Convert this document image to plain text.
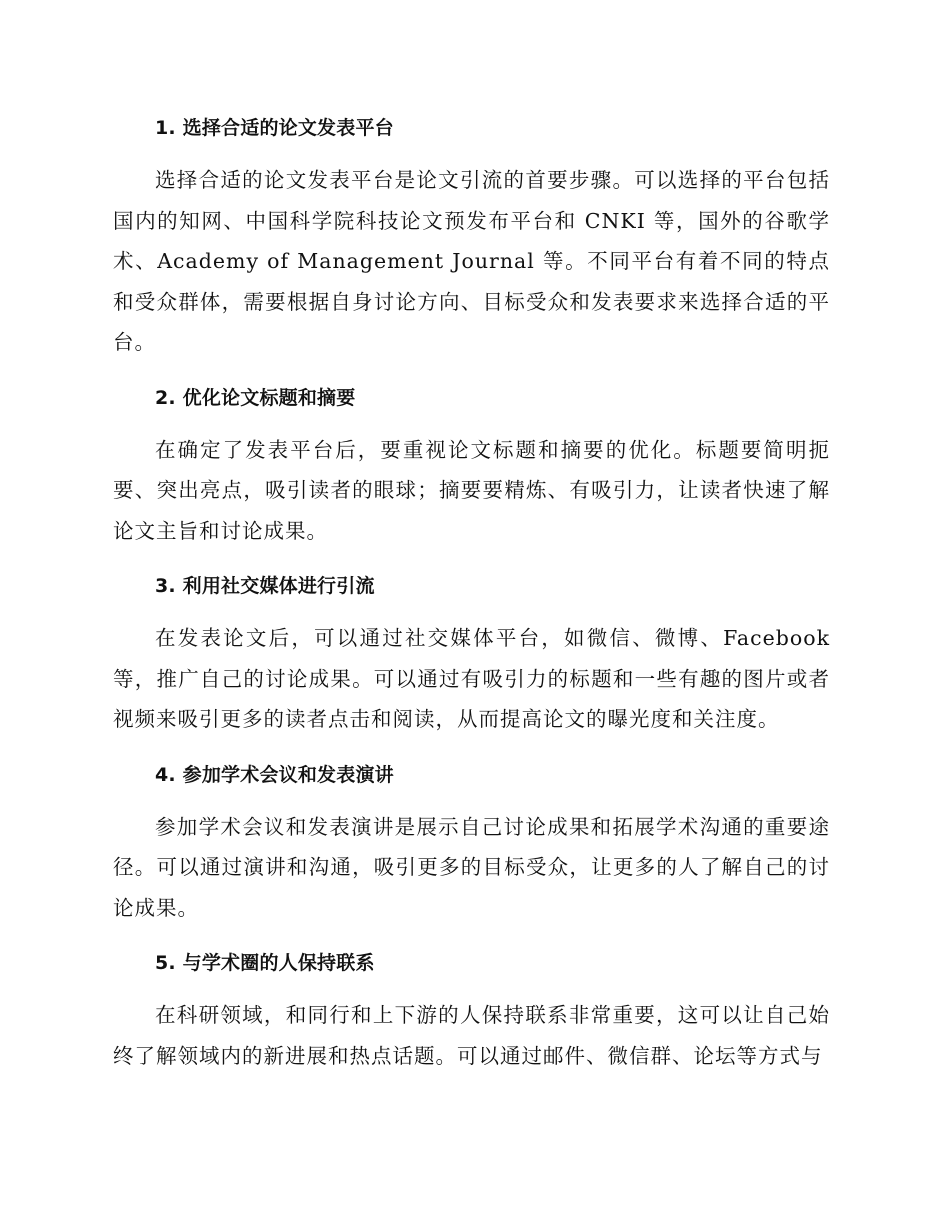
1. 选择合适的论文发表平台

选择合适的论文发表平台是论文引流的首要步骤。可以选择的平台包括国内的知网、中国科学院科技论文预发布平台和 CNKI 等，国外的谷歌学术、Academy of Management Journal 等。不同平台有着不同的特点和受众群体，需要根据自身讨论方向、目标受众和发表要求来选择合适的平台。

2. 优化论文标题和摘要

在确定了发表平台后，要重视论文标题和摘要的优化。标题要简明扼要、突出亮点，吸引读者的眼球；摘要要精炼、有吸引力，让读者快速了解论文主旨和讨论成果。

3. 利用社交媒体进行引流

在发表论文后，可以通过社交媒体平台，如微信、微博、Facebook 等，推广自己的讨论成果。可以通过有吸引力的标题和一些有趣的图片或者视频来吸引更多的读者点击和阅读，从而提高论文的曝光度和关注度。

4. 参加学术会议和发表演讲

参加学术会议和发表演讲是展示自己讨论成果和拓展学术沟通的重要途径。可以通过演讲和沟通，吸引更多的目标受众，让更多的人了解自己的讨论成果。

5. 与学术圈的人保持联系

在科研领域，和同行和上下游的人保持联系非常重要，这可以让自己始终了解领域内的新进展和热点话题。可以通过邮件、微信群、论坛等方式与
